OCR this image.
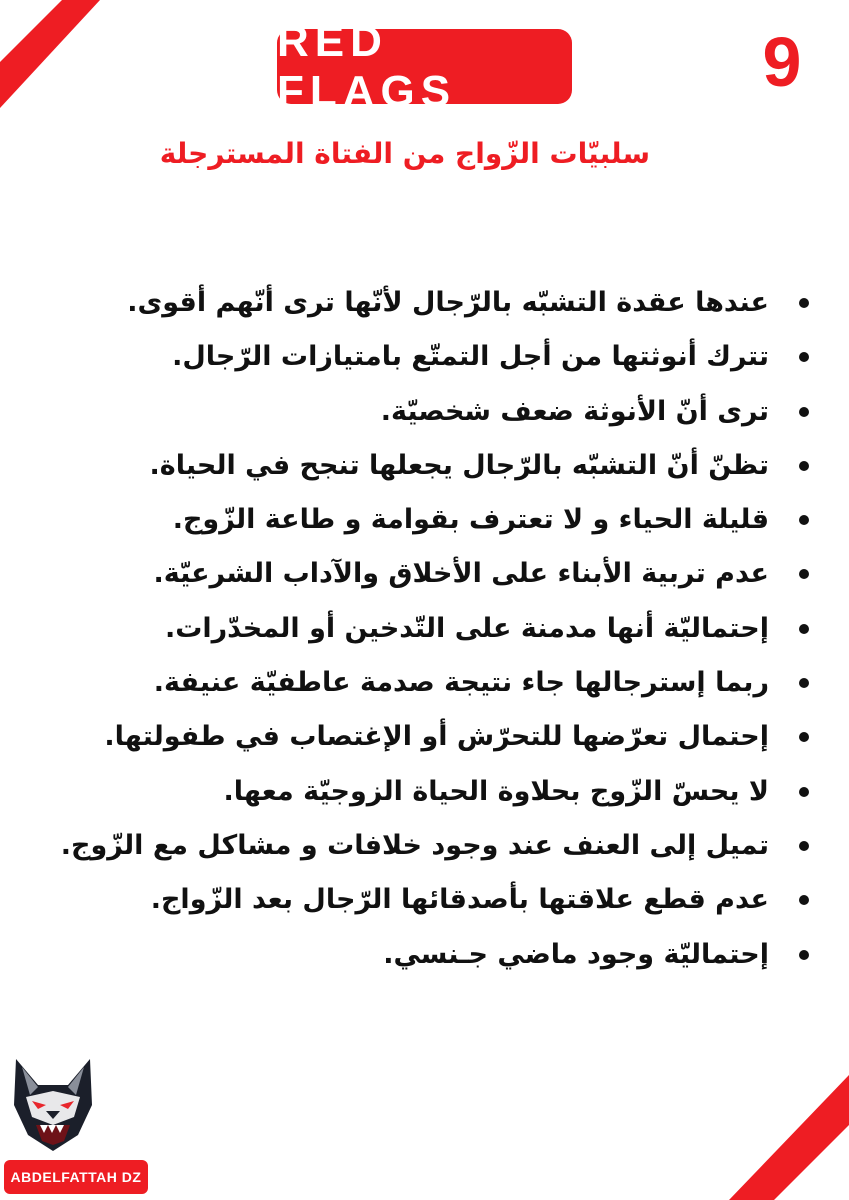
RED FLAGS	9
سلبيّات الزّواج من الفتاة المسترجلة
عندها عقدة التشبّه بالرّجال لأنّها ترى أنّهم أقوى.
تترك أنوثتها من أجل التمتّع بامتيازات الرّجال.
ترى أنّ الأنوثة ضعف شخصيّة.
تظنّ أنّ التشبّه بالرّجال يجعلها تنجح في الحياة.
قليلة الحياء و لا تعترف بقوامة و طاعة الزّوج.
عدم تربية الأبناء على الأخلاق والآداب الشرعيّة.
إحتماليّة أنها مدمنة على التّدخين أو المخدّرات.
ربما إسترجالها جاء نتيجة صدمة عاطفيّة عنيفة.
إحتمال تعرّضها للتحرّش أو الإغتصاب في طفولتها.
لا يحسّ الزّوج بحلاوة الحياة الزوجيّة معها.
تميل إلى العنف عند وجود خلافات و مشاكل مع الزّوج.
عدم قطع علاقتها بأصدقائها الرّجال بعد الزّواج.
إحتماليّة وجود ماضي جـنسي.
ABDELFATTAH DZ
